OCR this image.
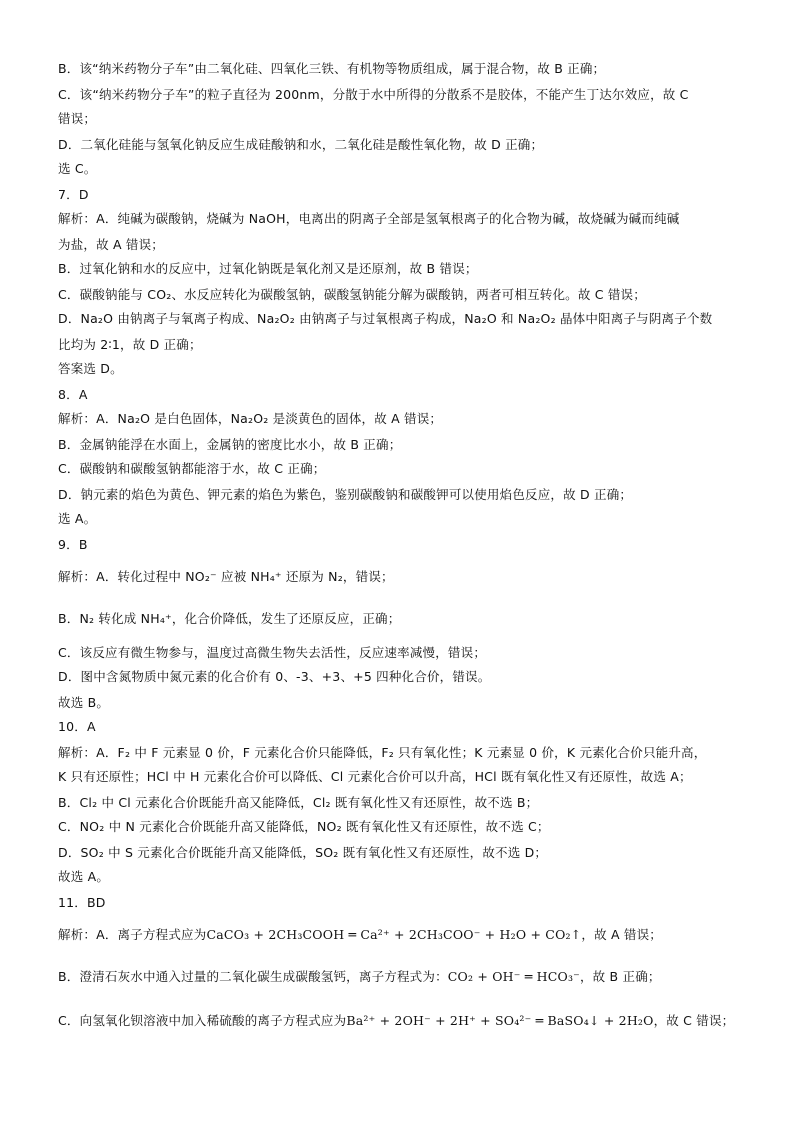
B．该“纳米药物分子车”由二氧化硅、四氧化三铁、有机物等物质组成，属于混合物，故 B 正确；
C．该“纳米药物分子车”的粒子直径为 200nm，分散于水中所得的分散系不是胶体，不能产生丁达尔效应，故 C
错误；
D．二氧化硅能与氢氧化钠反应生成硅酸钠和水，二氧化硅是酸性氧化物，故 D 正确；
选 C。
7．D
解析：A．纯碱为碳酸钠，烧碱为 NaOH，电离出的阴离子全部是氢氧根离子的化合物为碱，故烧碱为碱而纯碱
为盐，故 A 错误；
B．过氧化钠和水的反应中，过氧化钠既是氧化剂又是还原剂，故 B 错误；
C．碳酸钠能与 CO₂、水反应转化为碳酸氢钠，碳酸氢钠能分解为碳酸钠，两者可相互转化。故 C 错误；
D．Na₂O 由钠离子与氧离子构成、Na₂O₂ 由钠离子与过氧根离子构成，Na₂O 和 Na₂O₂ 晶体中阳离子与阴离子个数
比均为 2∶1，故 D 正确；
答案选 D。
8．A
解析：A．Na₂O 是白色固体，Na₂O₂ 是淡黄色的固体，故 A 错误；
B．金属钠能浮在水面上，金属钠的密度比水小，故 B 正确；
C．碳酸钠和碳酸氢钠都能溶于水，故 C 正确；
D．钠元素的焰色为黄色、钾元素的焰色为紫色，鉴别碳酸钠和碳酸钾可以使用焰色反应，故 D 正确；
选 A。
9．B
解析：A．转化过程中 NO₂⁻ 应被 NH₄⁺ 还原为 N₂，错误；
B．N₂ 转化成 NH₄⁺，化合价降低，发生了还原反应，正确；
C．该反应有微生物参与，温度过高微生物失去活性，反应速率减慢，错误；
D．图中含氮物质中氮元素的化合价有 0、-3、+3、+5 四种化合价，错误。
故选 B。
10．A
解析：A．F₂ 中 F 元素显 0 价，F 元素化合价只能降低，F₂ 只有氧化性；K 元素显 0 价，K 元素化合价只能升高，
K 只有还原性；HCl 中 H 元素化合价可以降低、Cl 元素化合价可以升高，HCl 既有氧化性又有还原性，故选 A；
B．Cl₂ 中 Cl 元素化合价既能升高又能降低，Cl₂ 既有氧化性又有还原性，故不选 B；
C．NO₂ 中 N 元素化合价既能升高又能降低，NO₂ 既有氧化性又有还原性，故不选 C；
D．SO₂ 中 S 元素化合价既能升高又能降低，SO₂ 既有氧化性又有还原性，故不选 D；
故选 A。
11．BD
解析：A．离子方程式应为CaCO₃ + 2CH₃COOH ═ Ca²⁺ + 2CH₃COO⁻ + H₂O + CO₂↑，故 A 错误；
B．澄清石灰水中通入过量的二氧化碳生成碳酸氢钙，离子方程式为：CO₂ + OH⁻ ═ HCO₃⁻，故 B 正确；
C．向氢氧化钡溶液中加入稀硫酸的离子方程式应为Ba²⁺ + 2OH⁻ + 2H⁺ + SO₄²⁻ ═ BaSO₄↓ + 2H₂O，故 C 错误；
